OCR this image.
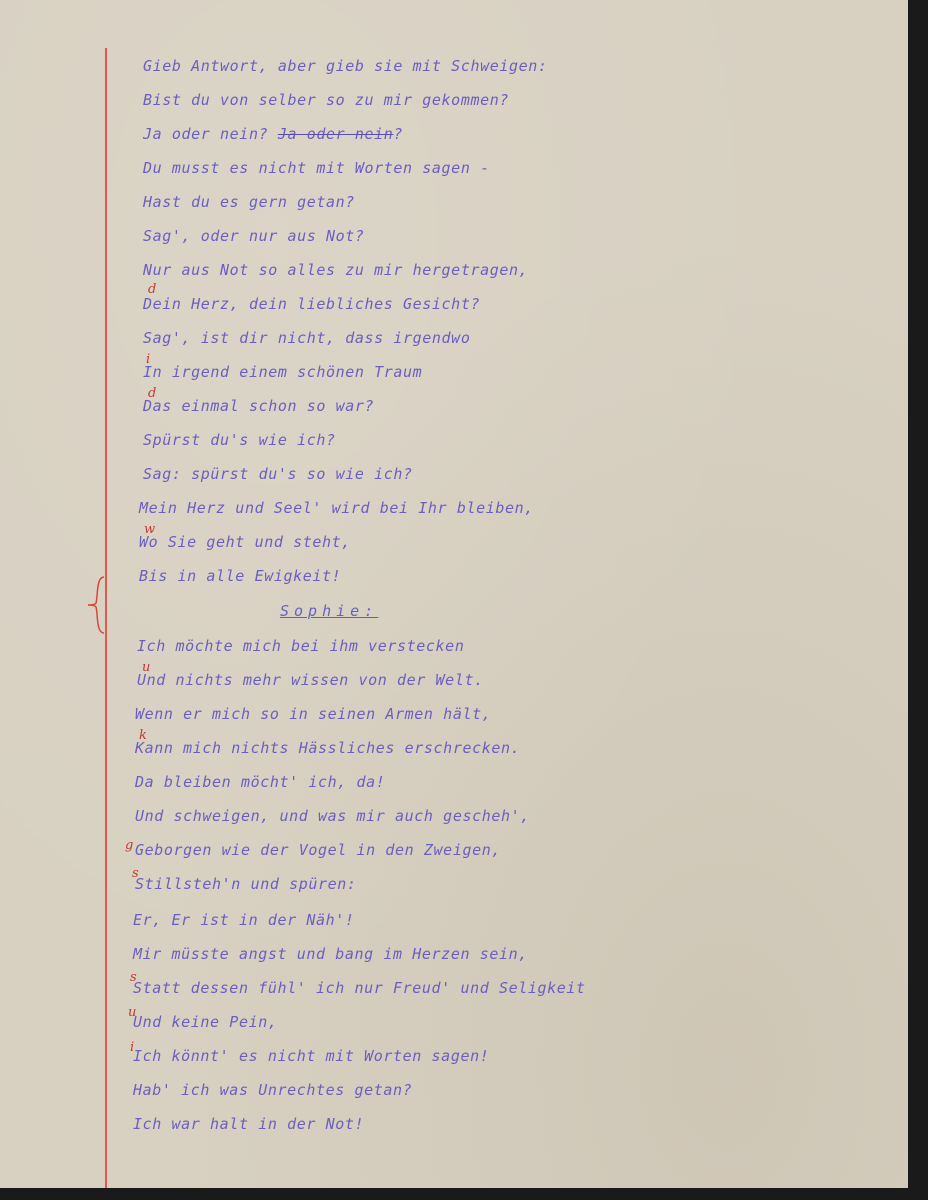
Gieb Antwort, aber gieb sie mit Schweigen:
Bist du von selber so zu mir gekommen?
Ja oder nein? Ja oder nein?
Du musst es nicht mit Worten sagen -
Hast du es gern getan?
Sag', oder nur aus Not?
Nur aus Not so alles zu mir hergetragen,
Dein Herz, dein liebliches Gesicht?
Sag', ist dir nicht, dass irgendwo
In irgend einem schönen Traum
Das einmal schon so war?
Spürst du's wie ich?
Sag: spürst du's so wie ich?
Mein Herz und Seel' wird bei Ihr bleiben,
Wo Sie geht und steht,
Bis in alle Ewigkeit!
Sophie:
Ich möchte mich bei ihm verstecken
Und nichts mehr wissen von der Welt.
Wenn er mich so in seinen Armen hält,
Kann mich nichts Hässliches erschrecken.
Da bleiben möcht' ich, da!
Und schweigen, und was mir auch gescheh',
Geborgen wie der Vogel in den Zweigen,
Stillsteh'n und spüren:
Er, Er ist in der Näh'!
Mir müsste angst und bang im Herzen sein,
Statt dessen fühl' ich nur Freud' und Seligkeit
Und keine Pein,
Ich könnt' es nicht mit Worten sagen!
Hab' ich was Unrechtes getan?
Ich war halt in der Not!
d
i
d
w
u
k
g
s
s
u
i
